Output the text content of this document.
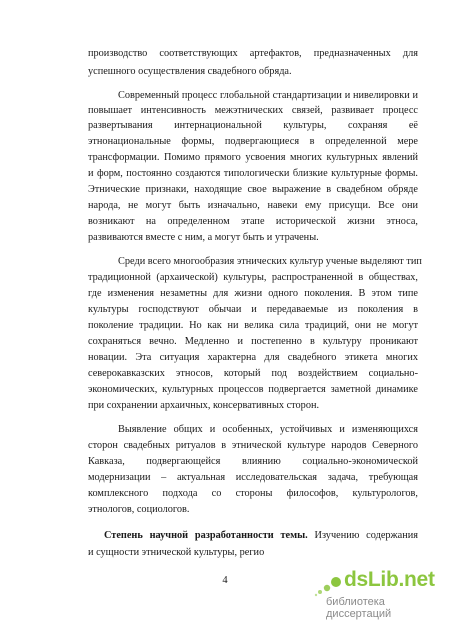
производство соответствующих артефактов, предназначенных для
успешного осуществления свадебного обряда.
Современный процесс глобальной стандартизации и нивелировки и
повышает интенсивность межэтнических связей, развивает процесс
развертывания интернациональной культуры, сохраняя её
этнонациональные формы, подвергающиеся в определенной мере
трансформации. Помимо прямого усвоения многих культурных явлений
и форм, постоянно создаются типологически близкие культурные формы.
Этнические признаки, находящие свое выражение в свадебном обряде
народа, не могут быть изначально, навеки ему присущи. Все они
возникают на определенном этапе исторической жизни этноса,
развиваются вместе с ним, а могут быть и утрачены.
Среди всего многообразия этнических культур ученые выделяют тип
традиционной (архаической) культуры, распространенной в обществах,
где изменения незаметны для жизни одного поколения. В этом типе
культуры господствуют обычаи и передаваемые из поколения в
поколение традиции. Но как ни велика сила традиций, они не могут
сохраняться вечно. Медленно и постепенно в культуру проникают
новации. Эта ситуация характерна для свадебного этикета многих
северокавказских этносов, который под воздействием социально-
экономических, культурных процессов подвергается заметной динамике
при сохранении архаичных, консервативных сторон.
Выявление общих и особенных, устойчивых и изменяющихся
сторон свадебных ритуалов в этнической культуре народов Северного
Кавказа, подвергающейся влиянию социально-экономической
модернизации – актуальная исследовательская задача, требующая
комплексного подхода со стороны философов, культурологов,
этнологов, социологов.
Степень научной разработанности темы. Изучению содержания
и сущности этнической культуры, регио
4	dsLib.net
библиотека диссертаций
